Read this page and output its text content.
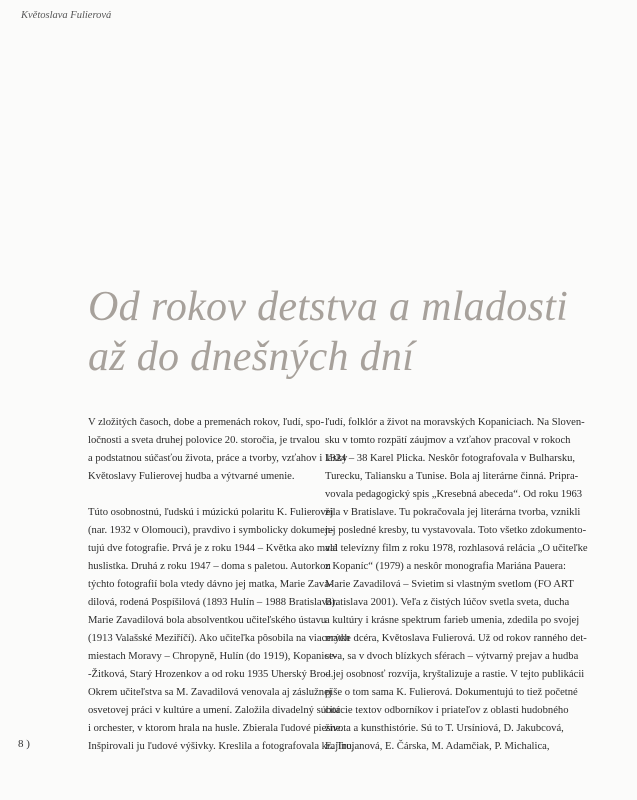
Květoslava Fulierová
Od rokov detstva a mladosti
až do dnešných dní

V zložitých časoch, dobe a premenách rokov, ľudí, spo-
ločnosti a sveta druhej polovice 20. storočia, je trvalou
a podstatnou súčasťou života, práce a tvorby, vzťahov i lásky
Květoslavy Fulierovej hudba a výtvarné umenie.

Túto osobnostnú, ľudskú i múzickú polaritu K. Fulierovej
(nar. 1932 v Olomouci), pravdivo i symbolicky dokumen-
tujú dve fotografie. Prvá je z roku 1944 – Květka ako malá
huslistka. Druhá z roku 1947 – doma s paletou. Autorkou
týchto fotografií bola vtedy dávno jej matka, Marie Zava-
dilová, rodená Pospíšilová (1893 Hulín – 1988 Bratislava).
Marie Zavadilová bola absolventkou učiteľského ústavu
(1913 Valašské Meziříčí). Ako učiteľka pôsobila na viacerých
miestach Moravy – Chropyně, Hulín (do 1919), Kopanice-
-Žitková, Starý Hrozenkov a od roku 1935 Uherský Brod.
Okrem učiteľstva sa M. Zavadilová venovala aj záslužnej
osvetovej práci v kultúre a umení. Založila divadelný súbor
i orchester, v ktorom hrala na husle. Zbierala ľudové piesne.
Inšpirovali ju ľudové výšivky. Kreslila a fotografovala krajinu,

ľudí, folklór a život na moravských Kopaniciach. Na Sloven-
sku v tomto rozpätí záujmov a vzťahov pracoval v rokoch
1924 – 38 Karel Plicka. Neskôr fotografovala v Bulharsku,
Turecku, Taliansku a Tunise. Bola aj literárne činná. Pripra-
vovala pedagogický spis „Kresebná abeceda“. Od roku 1963
žila v Bratislave. Tu pokračovala jej literárna tvorba, vznikli
jej posledné kresby, tu vystavovala. Toto všetko zdokumento-
val televízny film z roku 1978, rozhlasová relácia „O učiteľke
z Kopaníc“ (1979) a neskôr monografia Mariána Pauera:
Marie Zavadilová – Svietim si vlastným svetlom (FO ART
Bratislava 2001). Veľa z čistých lúčov svetla sveta, ducha
a kultúry i krásne spektrum farieb umenia, zdedila po svojej
matke dcéra, Květoslava Fulierová. Už od rokov ranného det-
stva, sa v dvoch blízkych sférach – výtvarný prejav a hudba
– jej osobnosť rozvíja, kryštalizuje a rastie. V tejto publikácii
píše o tom sama K. Fulierová. Dokumentujú to tiež početné
citácie textov odborníkov i priateľov z oblasti hudobného
života a kunsthistórie. Sú to T. Ursíniová, D. Jakubcová,
E. Trojanová, E. Čárska, M. Adamčiak, P. Michalica,

8 )
